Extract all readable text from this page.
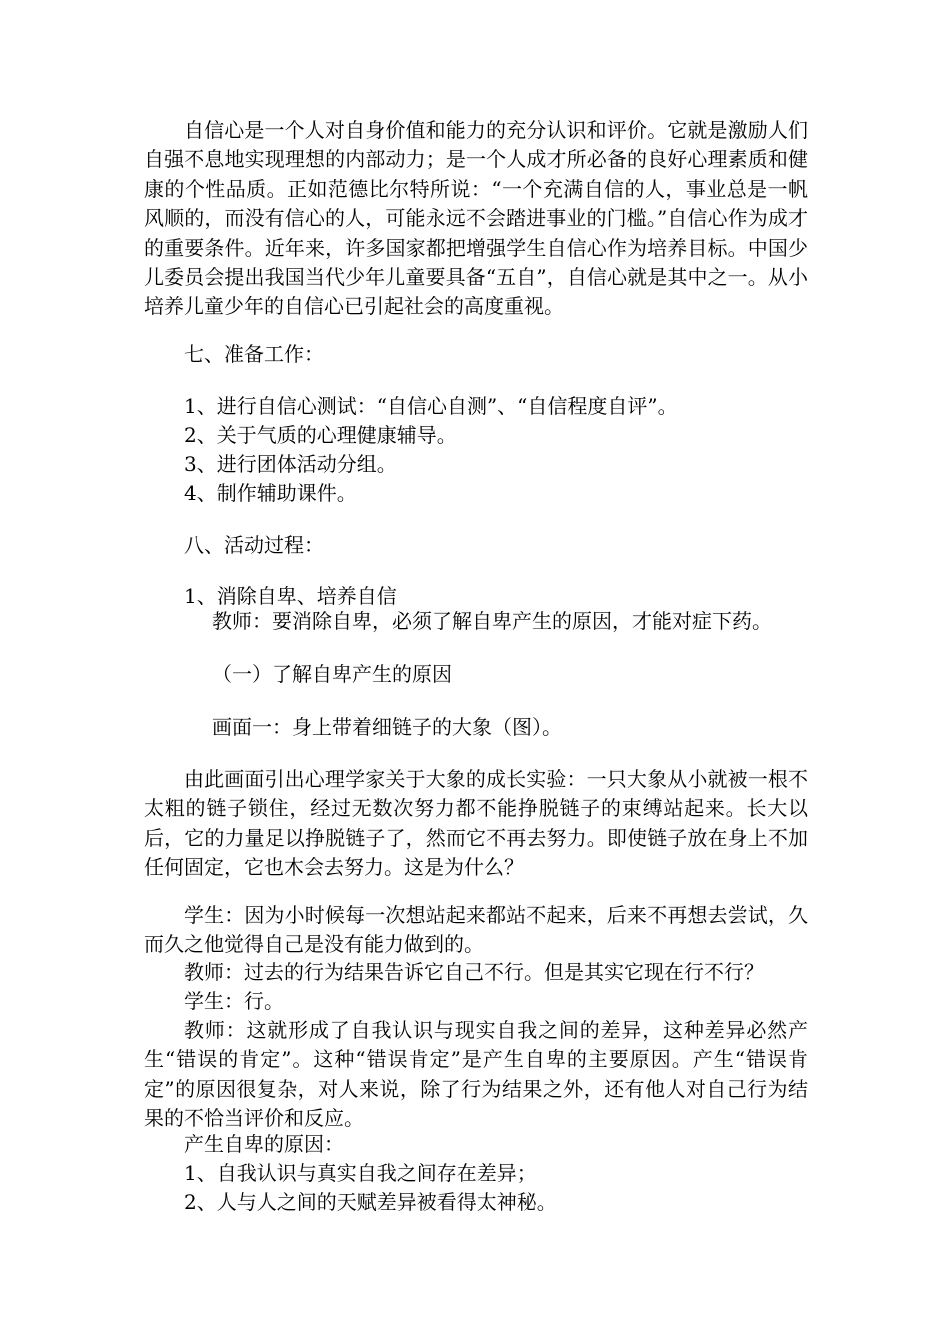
自信心是一个人对自身价值和能力的充分认识和评价。它就是激励人们自强不息地实现理想的内部动力；是一个人成才所必备的良好心理素质和健康的个性品质。正如范德比尔特所说：“一个充满自信的人，事业总是一帆风顺的，而没有信心的人，可能永远不会踏进事业的门槛。”自信心作为成才的重要条件。近年来，许多国家都把增强学生自信心作为培养目标。中国少儿委员会提出我国当代少年儿童要具备“五自”，自信心就是其中之一。从小培养儿童少年的自信心已引起社会的高度重视。

七、准备工作：

1、进行自信心测试：“自信心自测”、“自信程度自评”。

2、关于气质的心理健康辅导。

3、进行团体活动分组。

4、制作辅助课件。

八、活动过程：

1、消除自卑、培养自信

教师：要消除自卑，必须了解自卑产生的原因，才能对症下药。

（一）了解自卑产生的原因

画面一：身上带着细链子的大象（图）。

由此画面引出心理学家关于大象的成长实验：一只大象从小就被一根不太粗的链子锁住，经过无数次努力都不能挣脱链子的束缚站起来。长大以后，它的力量足以挣脱链子了，然而它不再去努力。即使链子放在身上不加任何固定，它也木会去努力。这是为什么？

学生：因为小时候每一次想站起来都站不起来，后来不再想去尝试，久而久之他觉得自己是没有能力做到的。

教师：过去的行为结果告诉它自己不行。但是其实它现在行不行？

学生：行。

教师：这就形成了自我认识与现实自我之间的差异，这种差异必然产生“错误的肯定”。这种“错误肯定”是产生自卑的主要原因。产生“错误肯定”的原因很复杂，对人来说，除了行为结果之外，还有他人对自己行为结果的不恰当评价和反应。

产生自卑的原因：

1、自我认识与真实自我之间存在差异；

2、人与人之间的天赋差异被看得太神秘。
